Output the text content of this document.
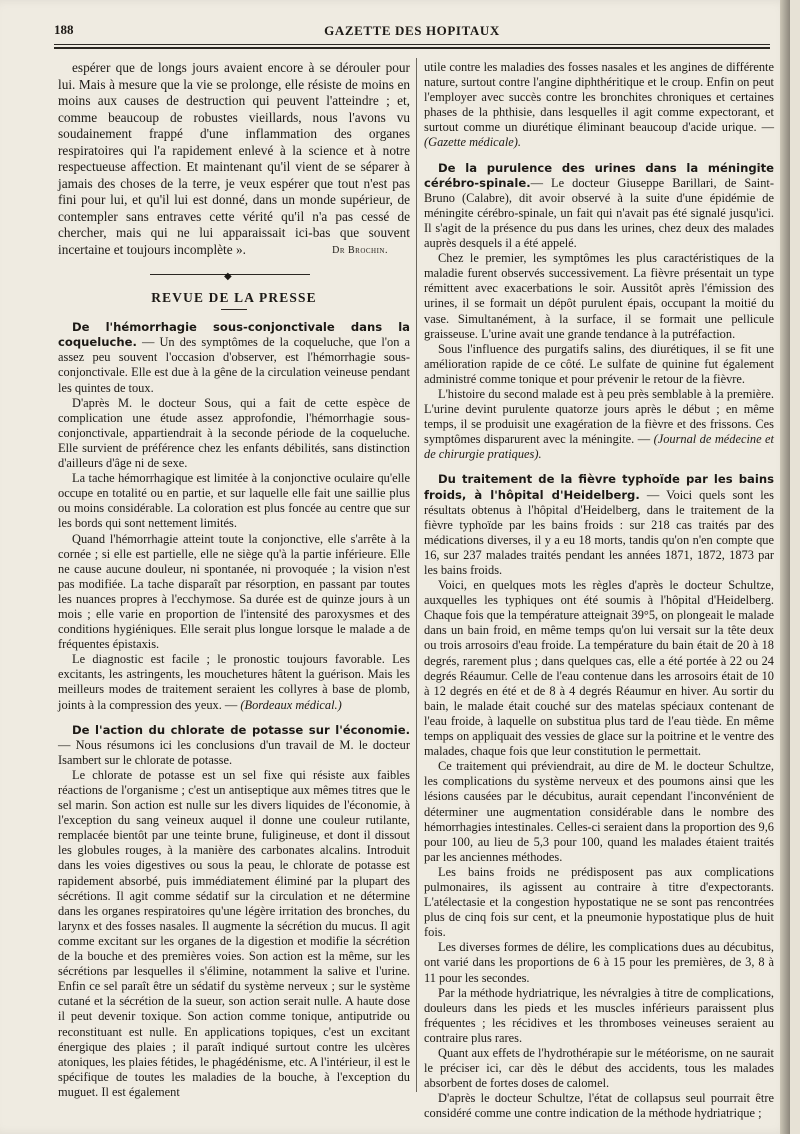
188	GAZETTE DES HOPITAUX

espérer que de longs jours avaient encore à se dérouler pour lui. Mais à mesure que la vie se prolonge, elle résiste de moins en moins aux causes de destruction qui peuvent l'atteindre ; et, comme beaucoup de robustes vieillards, nous l'avons vu soudainement frappé d'une inflammation des organes respiratoires qui l'a rapidement enlevé à la science et à notre respectueuse affection. Et maintenant qu'il vient de se séparer à jamais des choses de la terre, je veux espérer que tout n'est pas fini pour lui, et qu'il lui est donné, dans un monde supérieur, de contempler sans entraves cette vérité qu'il n'a pas cessé de chercher, mais qui ne lui apparaissait ici-bas que souvent incertaine et toujours incomplète ».	Dr Brochin.
◆
REVUE DE LA PRESSE

De l'hémorrhagie sous-conjonctivale dans la coqueluche. — Un des symptômes de la coqueluche, que l'on a assez peu souvent l'occasion d'observer, est l'hémorrhagie sous-conjonctivale. Elle est due à la gêne de la circulation veineuse pendant les quintes de toux.

D'après M. le docteur Sous, qui a fait de cette espèce de complication une étude assez approfondie, l'hémorrhagie sous-conjonctivale, appartiendrait à la seconde période de la coqueluche. Elle survient de préférence chez les enfants débilités, sans distinction d'ailleurs d'âge ni de sexe.

La tache hémorrhagique est limitée à la conjonctive oculaire qu'elle occupe en totalité ou en partie, et sur laquelle elle fait une saillie plus ou moins considérable. La coloration est plus foncée au centre que sur les bords qui sont nettement limités.

Quand l'hémorrhagie atteint toute la conjonctive, elle s'arrête à la cornée ; si elle est partielle, elle ne siège qu'à la partie inférieure. Elle ne cause aucune douleur, ni spontanée, ni provoquée ; la vision n'est pas modifiée. La tache disparaît par résorption, en passant par toutes les nuances propres à l'ecchymose. Sa durée est de quinze jours à un mois ; elle varie en proportion de l'intensité des paroxysmes et des conditions hygiéniques. Elle serait plus longue lorsque le malade a de fréquentes épistaxis.

Le diagnostic est facile ; le pronostic toujours favorable. Les excitants, les astringents, les mouchetures hâtent la guérison. Mais les meilleurs modes de traitement seraient les collyres à base de plomb, joints à la compression des yeux. — (Bordeaux médical.)

De l'action du chlorate de potasse sur l'économie. — Nous résumons ici les conclusions d'un travail de M. le docteur Isambert sur le chlorate de potasse.

Le chlorate de potasse est un sel fixe qui résiste aux faibles réactions de l'organisme ; c'est un antiseptique aux mêmes titres que le sel marin. Son action est nulle sur les divers liquides de l'économie, à l'exception du sang veineux auquel il donne une couleur rutilante, remplacée bientôt par une teinte brune, fuligineuse, et dont il dissout les globules rouges, à la manière des carbonates alcalins. Introduit dans les voies digestives ou sous la peau, le chlorate de potasse est rapidement absorbé, puis immédiatement éliminé par la plupart des sécrétions. Il agit comme sédatif sur la circulation et ne détermine dans les organes respiratoires qu'une légère irritation des bronches, du larynx et des fosses nasales. Il augmente la sécrétion du mucus. Il agit comme excitant sur les organes de la digestion et modifie la sécrétion de la bouche et des premières voies. Son action est la même, sur les sécrétions par lesquelles il s'élimine, notamment la salive et l'urine. Enfin ce sel paraît être un sédatif du système nerveux ; sur le système cutané et la sécrétion de la sueur, son action serait nulle. A haute dose il peut devenir toxique. Son action comme tonique, antiputride ou reconstituant est nulle. En applications topiques, c'est un excitant énergique des plaies ; il paraît indiqué surtout contre les ulcères atoniques, les plaies fétides, le phagédénisme, etc. A l'intérieur, il est le spécifique de toutes les maladies de la bouche, à l'exception du muguet. Il est également

utile contre les maladies des fosses nasales et les angines de différente nature, surtout contre l'angine diphthéritique et le croup. Enfin on peut l'employer avec succès contre les bronchites chroniques et certaines phases de la phthisie, dans lesquelles il agit comme expectorant, et surtout comme un diurétique éliminant beaucoup d'acide urique. — (Gazette médicale).

De la purulence des urines dans la méningite cérébro-spinale.— Le docteur Giuseppe Barillari, de Saint-Bruno (Calabre), dit avoir observé à la suite d'une épidémie de méningite cérébro-spinale, un fait qui n'avait pas été signalé jusqu'ici. Il s'agit de la présence du pus dans les urines, chez deux des malades auprès desquels il a été appelé.

Chez le premier, les symptômes les plus caractéristiques de la maladie furent observés successivement. La fièvre présentait un type rémittent avec exacerbations le soir. Aussitôt après l'émission des urines, il se formait un dépôt purulent épais, occupant la moitié du vase. Simultanément, à la surface, il se formait une pellicule graisseuse. L'urine avait une grande tendance à la putréfaction.

Sous l'influence des purgatifs salins, des diurétiques, il se fit une amélioration rapide de ce côté. Le sulfate de quinine fut également administré comme tonique et pour prévenir le retour de la fièvre.

L'histoire du second malade est à peu près semblable à la première. L'urine devint purulente quatorze jours après le début ; en même temps, il se produisit une exagération de la fièvre et des frissons. Ces symptômes disparurent avec la méningite. — (Journal de médecine et de chirurgie pratiques).

Du traitement de la fièvre typhoïde par les bains froids, à l'hôpital d'Heidelberg. — Voici quels sont les résultats obtenus à l'hôpital d'Heidelberg, dans le traitement de la fièvre typhoïde par les bains froids : sur 218 cas traités par des médications diverses, il y a eu 18 morts, tandis qu'on n'en compte que 16, sur 237 malades traités pendant les années 1871, 1872, 1873 par les bains froids.

Voici, en quelques mots les règles d'après le docteur Schultze, auxquelles les typhiques ont été soumis à l'hôpital d'Heidelberg. Chaque fois que la température atteignait 39°5, on plongeait le malade dans un bain froid, en même temps qu'on lui versait sur la tête deux ou trois arrosoirs d'eau froide. La température du bain était de 20 à 18 degrés, rarement plus ; dans quelques cas, elle a été portée à 22 ou 24 degrés Réaumur. Celle de l'eau contenue dans les arrosoirs était de 10 à 12 degrés en été et de 8 à 4 degrés Réaumur en hiver. Au sortir du bain, le malade était couché sur des matelas spéciaux contenant de l'eau froide, à laquelle on substitua plus tard de l'eau tiède. En même temps on appliquait des vessies de glace sur la poitrine et le ventre des malades, chaque fois que leur constitution le permettait.

Ce traitement qui préviendrait, au dire de M. le docteur Schultze, les complications du système nerveux et des poumons ainsi que les lésions causées par le décubitus, aurait cependant l'inconvénient de déterminer une augmentation considérable dans le nombre des hémorrhagies intestinales. Celles-ci seraient dans la proportion des 9,6 pour 100, au lieu de 5,3 pour 100, quand les malades étaient traités par les anciennes méthodes.

Les bains froids ne prédisposent pas aux complications pulmonaires, ils agissent au contraire à titre d'expectorants. L'atélectasie et la congestion hypostatique ne se sont pas rencontrées plus de cinq fois sur cent, et la pneumonie hypostatique plus de huit fois.

Les diverses formes de délire, les complications dues au décubitus, ont varié dans les proportions de 6 à 15 pour les premières, de 3, 8 à 11 pour les secondes.

Par la méthode hydriatrique, les névralgies à titre de complications, douleurs dans les pieds et les muscles inférieurs paraissent plus fréquentes ; les récidives et les thromboses veineuses seraient au contraire plus rares.

Quant aux effets de l'hydrothérapie sur le météorisme, on ne saurait le préciser ici, car dès le début des accidents, tous les malades absorbent de fortes doses de calomel.

D'après le docteur Schultze, l'état de collapsus seul pourrait être considéré comme une contre indication de la méthode hydriatrique ;
